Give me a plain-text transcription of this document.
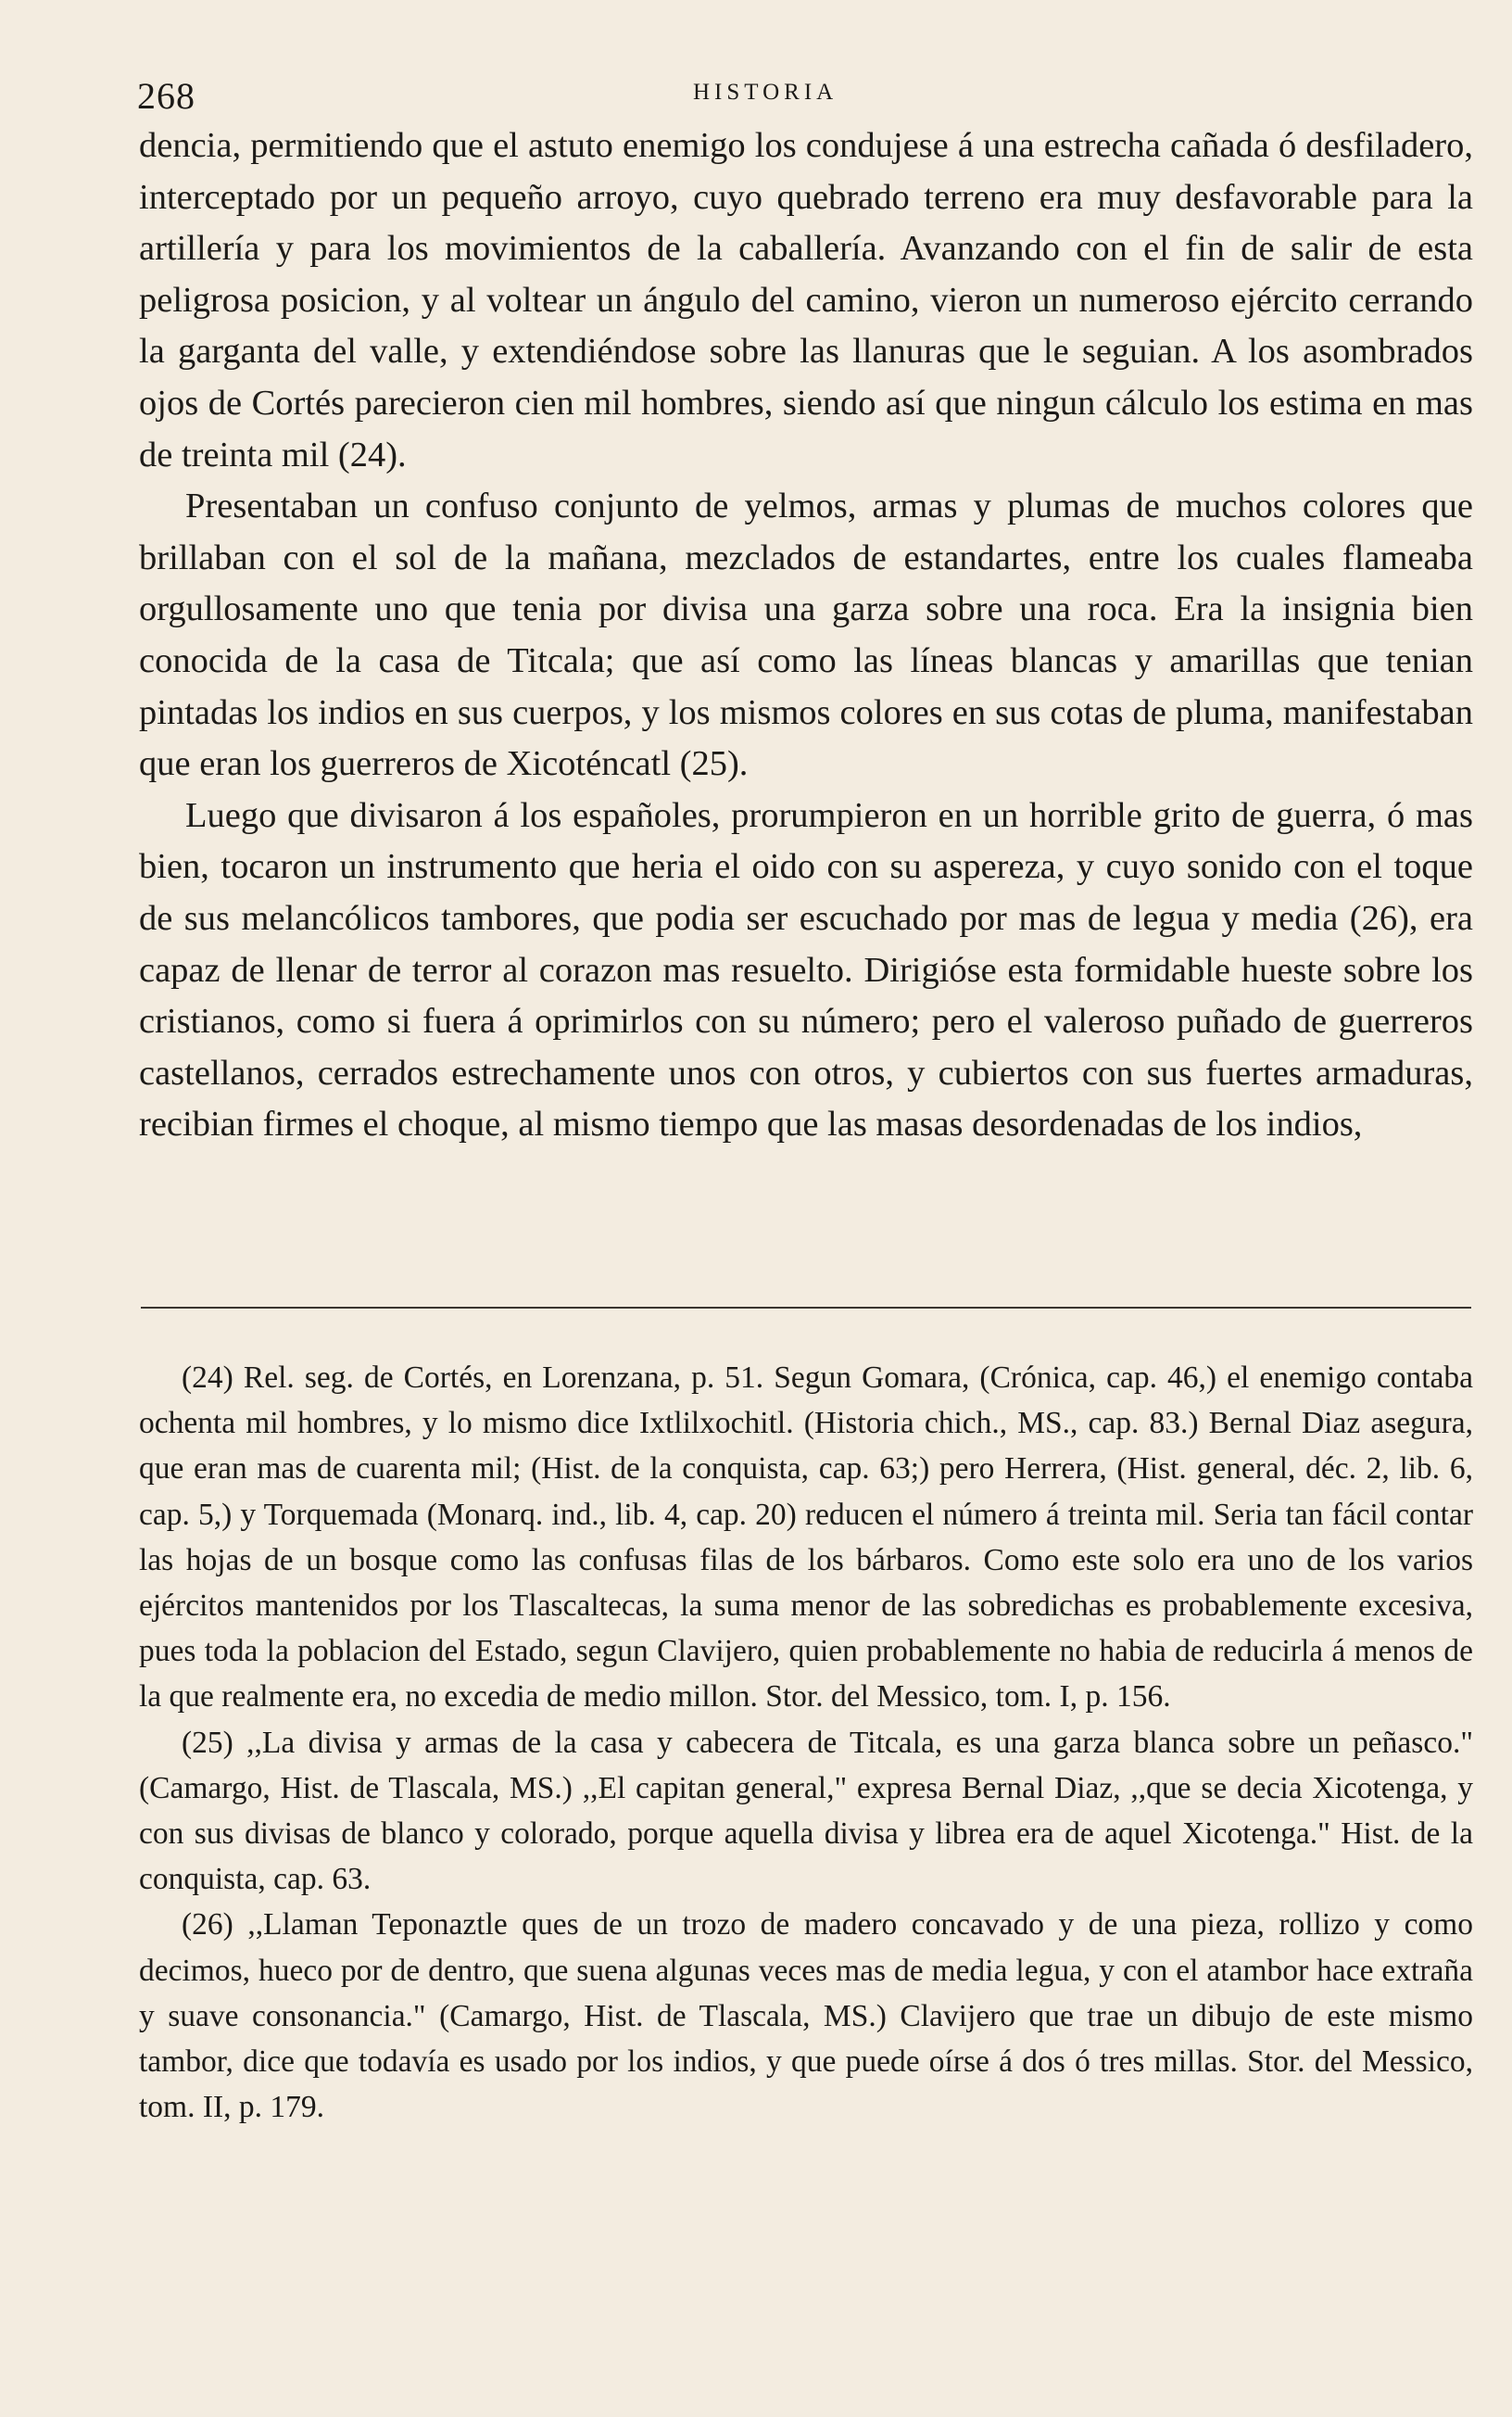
268	HISTORIA

dencia, permitiendo que el astuto enemigo los condujese á una estrecha cañada ó desfiladero, interceptado por un pequeño arroyo, cuyo quebrado terreno era muy desfavorable para la artillería y para los movimientos de la caballería. Avanzando con el fin de salir de esta peligrosa posicion, y al voltear un ángulo del camino, vieron un numeroso ejército cerrando la garganta del valle, y extendiéndose sobre las llanuras que le seguian. A los asombrados ojos de Cortés parecieron cien mil hombres, siendo así que ningun cálculo los estima en mas de treinta mil (24).

Presentaban un confuso conjunto de yelmos, armas y plumas de muchos colores que brillaban con el sol de la mañana, mezclados de estandartes, entre los cuales flameaba orgullosamente uno que tenia por divisa una garza sobre una roca. Era la insignia bien conocida de la casa de Titcala; que así como las líneas blancas y amarillas que tenian pintadas los indios en sus cuerpos, y los mismos colores en sus cotas de pluma, manifestaban que eran los guerreros de Xicoténcatl (25).

Luego que divisaron á los españoles, prorumpieron en un horrible grito de guerra, ó mas bien, tocaron un instrumento que heria el oido con su aspereza, y cuyo sonido con el toque de sus melancólicos tambores, que podia ser escuchado por mas de legua y media (26), era capaz de llenar de terror al corazon mas resuelto. Dirigióse esta formidable hueste sobre los cristianos, como si fuera á oprimirlos con su número; pero el valeroso puñado de guerreros castellanos, cerrados estrechamente unos con otros, y cubiertos con sus fuertes armaduras, recibian firmes el choque, al mismo tiempo que las masas desordenadas de los indios,

(24) Rel. seg. de Cortés, en Lorenzana, p. 51. Segun Gomara, (Crónica, cap. 46,) el enemigo contaba ochenta mil hombres, y lo mismo dice Ixtlilxochitl. (Historia chich., MS., cap. 83.) Bernal Diaz asegura, que eran mas de cuarenta mil; (Hist. de la conquista, cap. 63;) pero Herrera, (Hist. general, déc. 2, lib. 6, cap. 5,) y Torquemada (Monarq. ind., lib. 4, cap. 20) reducen el número á treinta mil. Seria tan fácil contar las hojas de un bosque como las confusas filas de los bárbaros. Como este solo era uno de los varios ejércitos mantenidos por los Tlascaltecas, la suma menor de las sobredichas es probablemente excesiva, pues toda la poblacion del Estado, segun Clavijero, quien probablemente no habia de reducirla á menos de la que realmente era, no excedia de medio millon. Stor. del Messico, tom. I, p. 156.

(25) ,,La divisa y armas de la casa y cabecera de Titcala, es una garza blanca sobre un peñasco." (Camargo, Hist. de Tlascala, MS.) ,,El capitan general," expresa Bernal Diaz, ,,que se decia Xicotenga, y con sus divisas de blanco y colorado, porque aquella divisa y librea era de aquel Xicotenga." Hist. de la conquista, cap. 63.

(26) ,,Llaman Teponaztle ques de un trozo de madero concavado y de una pieza, rollizo y como decimos, hueco por de dentro, que suena algunas veces mas de media legua, y con el atambor hace extraña y suave consonancia." (Camargo, Hist. de Tlascala, MS.) Clavijero que trae un dibujo de este mismo tambor, dice que todavía es usado por los indios, y que puede oírse á dos ó tres millas. Stor. del Messico, tom. II, p. 179.
